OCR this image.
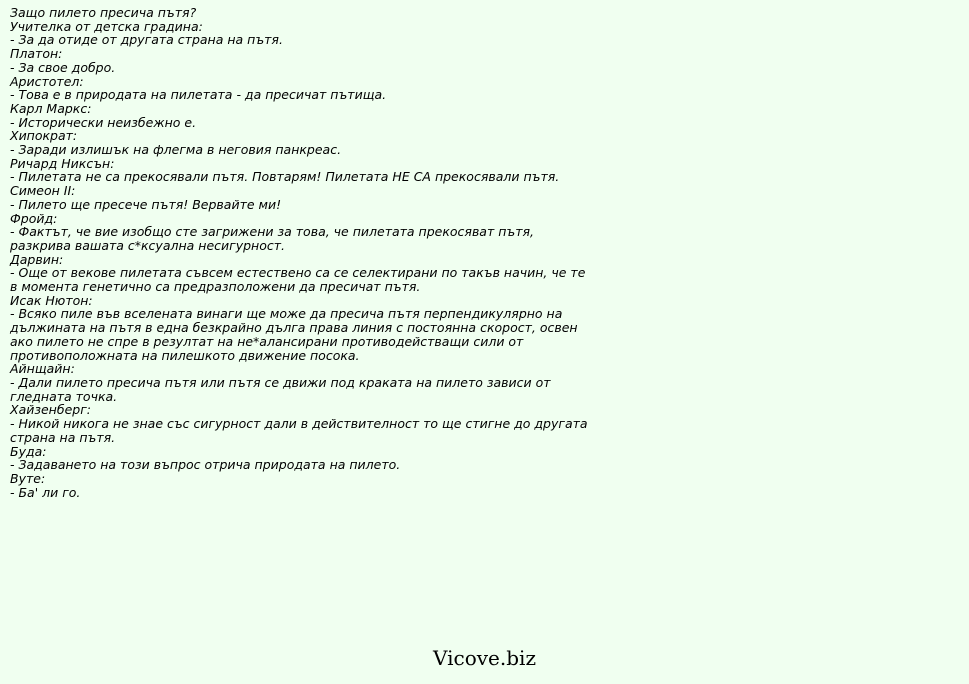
Защо пилето пресича пътя?
Учителка от детска градина:
- За да отиде от другата страна на пътя.
Платон:
- За свое добро.
Аристотел:
- Това е в природата на пилетата - да пресичат пътища.
Карл Маркс:
- Исторически неизбежно е.
Хипократ:
- Заради излишък на флегма в неговия панкреас.
Ричард Никсън:
- Пилетата не са прекосявали пътя. Повтарям! Пилетата НЕ СА прекосявали пътя.
Симеон II:
- Пилето ще пресече пътя! Вервайте ми!
Фройд:
- Фактът, че вие изобщо сте загрижени за това, че пилетата прекосяват пътя, разкрива вашата с*ксуална несигурност.
Дарвин:
- Още от векове пилетата съвсем естествено са се селектирани по такъв начин, че те в момента генетично са предразположени да пресичат пътя.
Исак Нютон:
- Всяко пиле във вселената винаги ще може да пресича пътя перпендикулярно на дължината на пътя в една безкрайно дълга права линия с постоянна скорост, освен ако пилето не спре в резултат на не*алансирани противодействащи сили от противоположната на пилешкото движение посока.
Айнщайн:
- Дали пилето пресича пътя или пътя се движи под краката на пилето зависи от гледната точка.
Хайзенберг:
- Никой никога не знае със сигурност дали в действителност то ще стигне до другата страна на пътя.
Буда:
- Задаването на този въпрос отрича природата на пилето.
Вуте:
- Ба' ли го.
Vicove.biz
